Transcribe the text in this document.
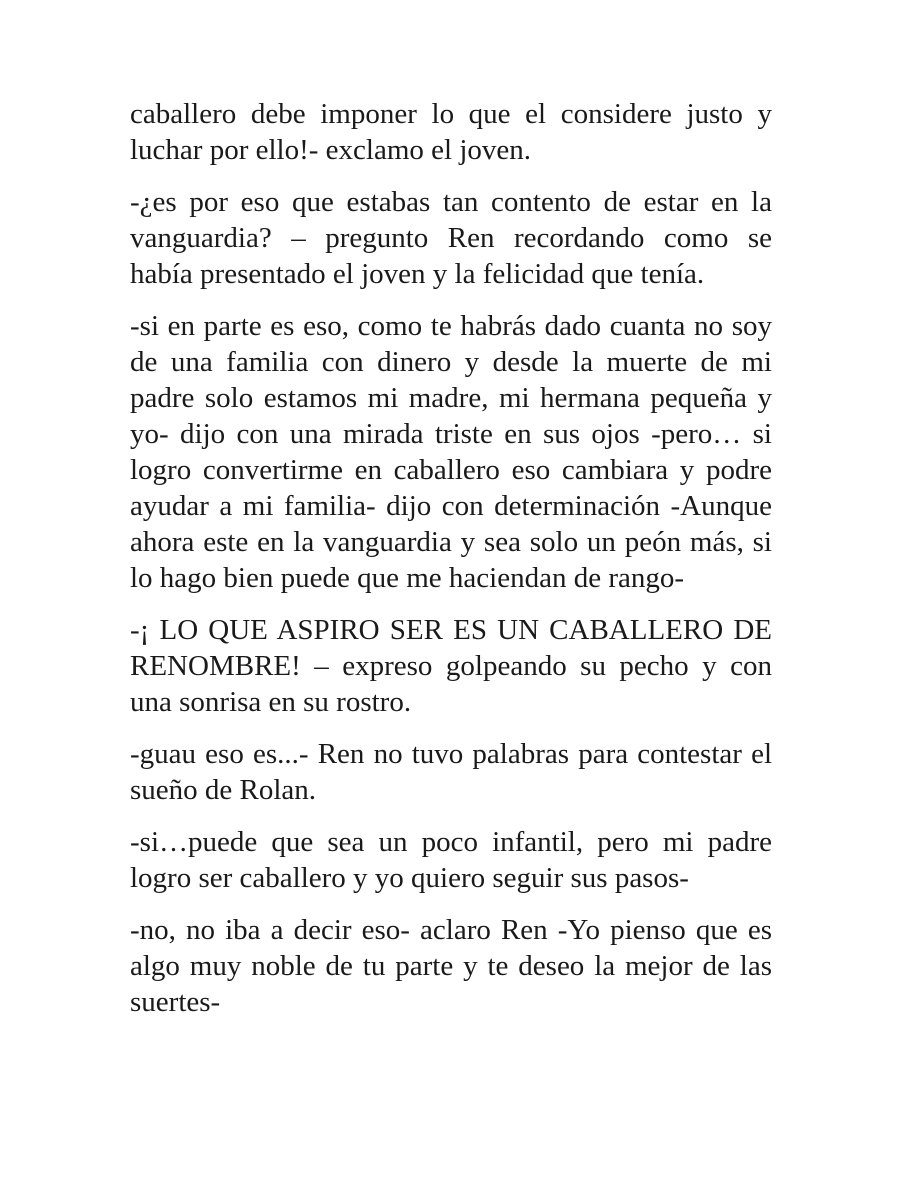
caballero debe imponer lo que el considere justo y
luchar por ello!- exclamo el joven.

-¿es por eso que estabas tan contento de estar en la
vanguardia? – pregunto Ren recordando como se
había presentado el joven y la felicidad que tenía.

-si en parte es eso, como te habrás dado cuanta no soy
de una familia con dinero y desde la muerte de mi
padre solo estamos mi madre, mi hermana pequeña y
yo- dijo con una mirada triste en sus ojos -pero… si
logro convertirme en caballero eso cambiara y podre
ayudar a mi familia- dijo con determinación -Aunque
ahora este en la vanguardia y sea solo un peón más, si
lo hago bien puede que me haciendan de rango-

-¡ LO QUE ASPIRO SER ES UN CABALLERO DE
RENOMBRE! – expreso golpeando su pecho y con
una sonrisa en su rostro.

-guau eso es...- Ren no tuvo palabras para contestar el
sueño de Rolan.

-si…puede que sea un poco infantil, pero mi padre
logro ser caballero y yo quiero seguir sus pasos-

-no, no iba a decir eso- aclaro Ren -Yo pienso que es
algo muy noble de tu parte y te deseo la mejor de las
suertes-
